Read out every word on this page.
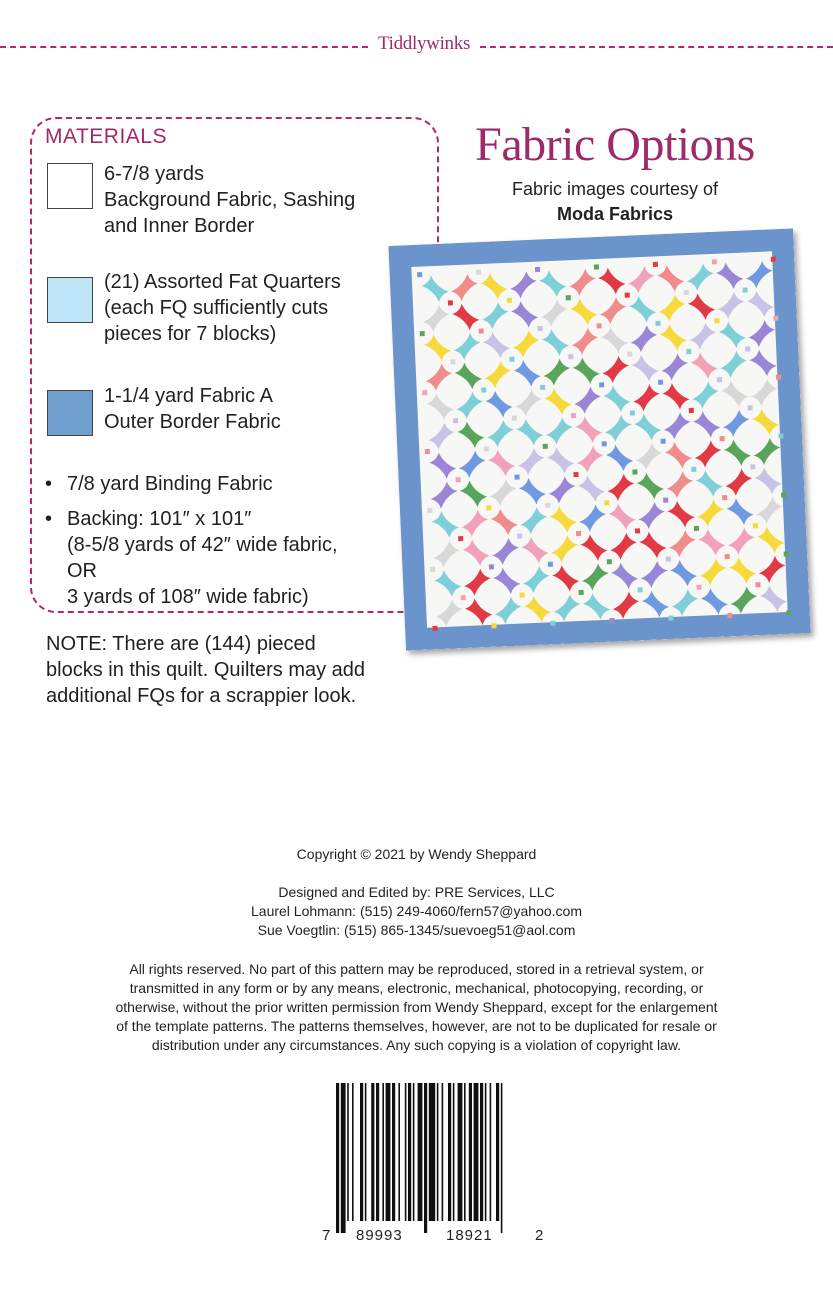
Tiddlywinks
MATERIALS
6-7/8 yards
Background Fabric, Sashing
and Inner Border
(21) Assorted Fat Quarters
(each FQ sufficiently cuts
pieces for 7 blocks)
1-1/4 yard Fabric A
Outer Border Fabric
• 7/8 yard Binding Fabric
• Backing: 101″ x 101″
(8-5/8 yards of 42″ wide fabric,
OR
3 yards of 108″ wide fabric)
NOTE: There are (144) pieced
blocks in this quilt. Quilters may add
additional FQs for a scrappier look.
Fabric Options
Fabric images courtesy of
Moda Fabrics
Copyright © 2021 by Wendy Sheppard
Designed and Edited by: PRE Services, LLC
Laurel Lohmann: (515) 249-4060/fern57@yahoo.com
Sue Voegtlin: (515) 865-1345/suevoeg51@aol.com
All rights reserved. No part of this pattern may be reproduced, stored in a retrieval system, or
transmitted in any form or by any means, electronic, mechanical, photocopying, recording, or
otherwise, without the prior written permission from Wendy Sheppard, except for the enlargement
of the template patterns. The patterns themselves, however, are not to be duplicated for resale or
distribution under any circumstances. Any such copying is a violation of copyright law.
7 89993	18921	2
